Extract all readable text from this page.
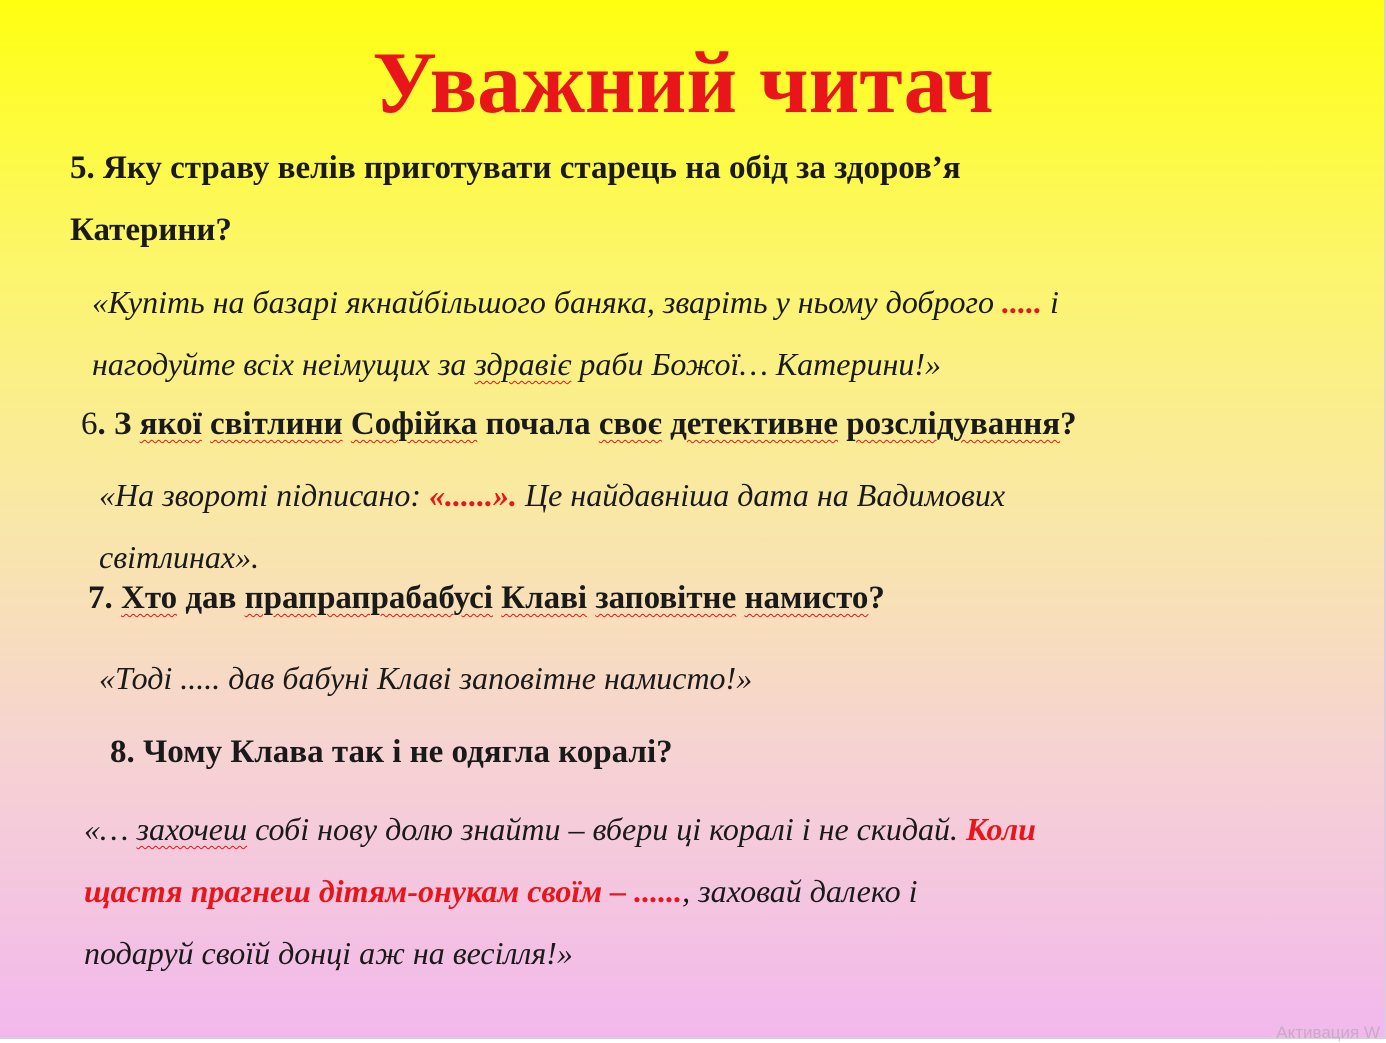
Уважний читач

5. Яку страву велів приготувати старець на обід за здоров’я

Катерини?

«Купіть на базарі якнайбільшого баняка, зваріть у ньому доброго ..... і

нагодуйте всіх неімущих за здравіє раби Божої… Катерини!»

6. З якої світлини Софійка почала своє детективне розслідування?

«На звороті підписано: «......». Це найдавніша дата на Вадимових

світлинах».

7. Хто дав прапрапрабабусі Клаві заповітне намисто?

«Тоді ..... дав бабуні Клаві заповітне намисто!»

8. Чому Клава так і не одягла коралі?

«… захочеш собі нову долю знайти – вбери ці коралі і не скидай. Коли

щастя прагнеш дітям-онукам своїм – ......, заховай далеко і

подаруй своїй донці аж на весілля!»

Активация W
